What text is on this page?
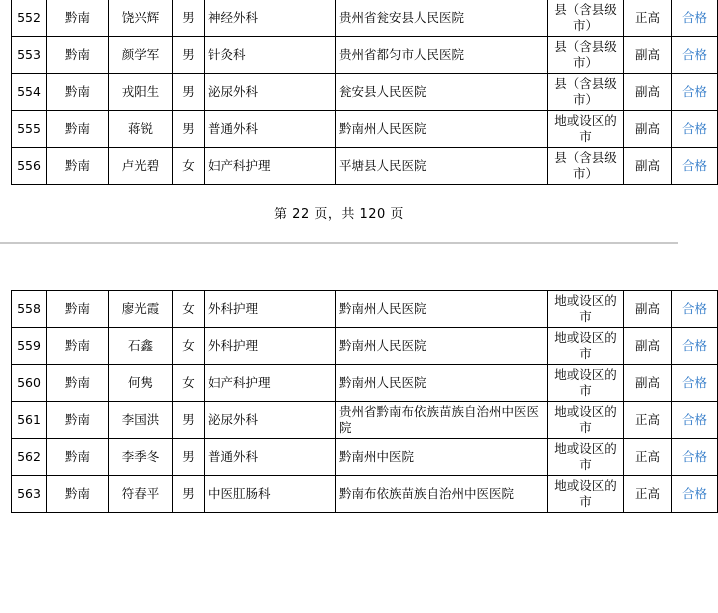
552	黔南	饶兴辉	男	神经外科	贵州省瓮安县人民医院	县（含县级市）	正高	合格
553	黔南	颜学军	男	针灸科	贵州省都匀市人民医院	县（含县级市）	副高	合格
554	黔南	戎阳生	男	泌尿外科	瓮安县人民医院	县（含县级市）	副高	合格
555	黔南	蒋锐	男	普通外科	黔南州人民医院	地或设区的市	副高	合格
556	黔南	卢光碧	女	妇产科护理	平塘县人民医院	县（含县级市）	副高	合格
第 22 页，共 120 页
558	黔南	廖光霞	女	外科护理	黔南州人民医院	地或设区的市	副高	合格
559	黔南	石鑫	女	外科护理	黔南州人民医院	地或设区的市	副高	合格
560	黔南	何隽	女	妇产科护理	黔南州人民医院	地或设区的市	副高	合格
561	黔南	李国洪	男	泌尿外科	贵州省黔南布依族苗族自治州中医医院	地或设区的市	正高	合格
562	黔南	李季冬	男	普通外科	黔南州中医院	地或设区的市	正高	合格
563	黔南	符春平	男	中医肛肠科	黔南布依族苗族自治州中医医院	地或设区的市	正高	合格
